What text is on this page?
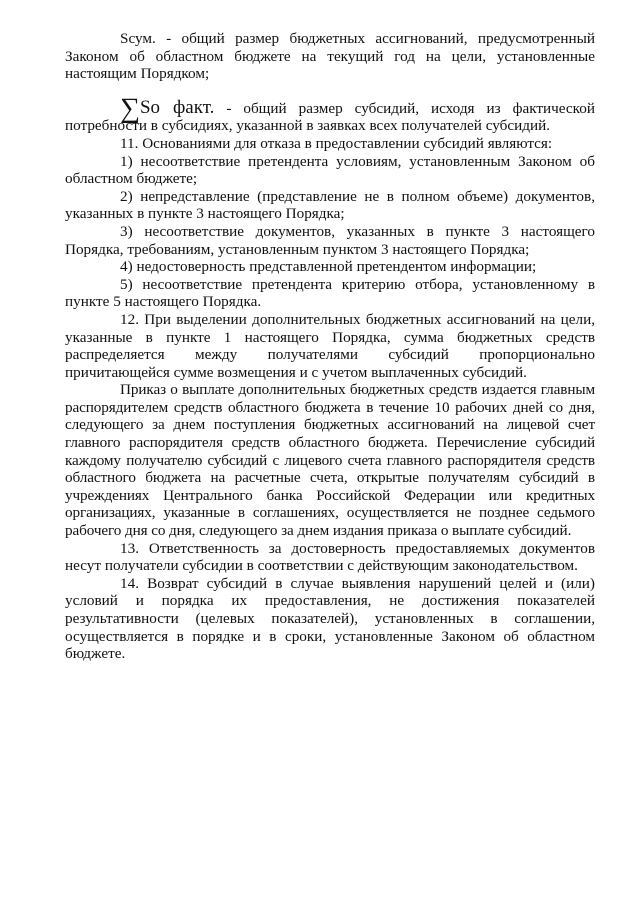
Sсум. - общий размер бюджетных ассигнований, предусмотренный Законом об областном бюджете на текущий год на цели, установленные настоящим Порядком;

∑So факт. - общий размер субсидий, исходя из фактической потребности в субсидиях, указанной в заявках всех получателей субсидий.

11. Основаниями для отказа в предоставлении субсидий являются:

1) несоответствие претендента условиям, установленным Законом об областном бюджете;

2) непредставление (представление не в полном объеме) документов, указанных в пункте 3 настоящего Порядка;

3) несоответствие документов, указанных в пункте 3 настоящего Порядка, требованиям, установленным пунктом 3 настоящего Порядка;

4) недостоверность представленной претендентом информации;

5) несоответствие претендента критерию отбора, установленному в пункте 5 настоящего Порядка.

12. При выделении дополнительных бюджетных ассигнований на цели, указанные в пункте 1 настоящего Порядка, сумма бюджетных средств распределяется между получателями субсидий пропорционально причитающейся сумме возмещения и с учетом выплаченных субсидий.

Приказ о выплате дополнительных бюджетных средств издается главным распорядителем средств областного бюджета в течение 10 рабочих дней со дня, следующего за днем поступления бюджетных ассигнований на лицевой счет главного распорядителя средств областного бюджета. Перечисление субсидий каждому получателю субсидий с лицевого счета главного распорядителя средств областного бюджета на расчетные счета, открытые получателям субсидий в учреждениях Центрального банка Российской Федерации или кредитных организациях, указанные в соглашениях, осуществляется не позднее седьмого рабочего дня со дня, следующего за днем издания приказа о выплате субсидий.

13. Ответственность за достоверность предоставляемых документов несут получатели субсидии в соответствии с действующим законодательством.

14. Возврат субсидий в случае выявления нарушений целей и (или) условий и порядка их предоставления, не достижения показателей результативности (целевых показателей), установленных в соглашении, осуществляется в порядке и в сроки, установленные Законом об областном бюджете.
